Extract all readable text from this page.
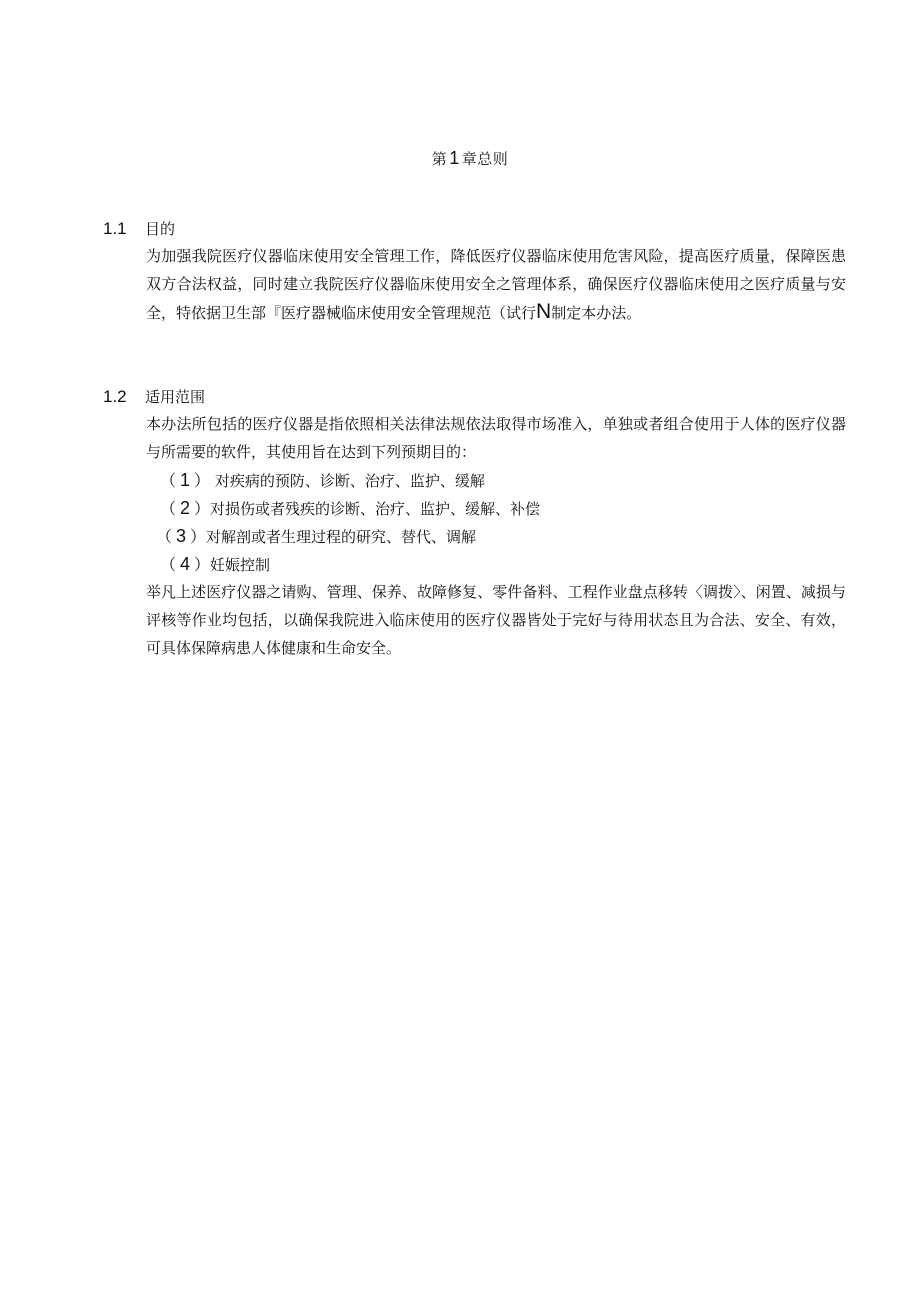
第 1 章总则
1.1	目的
为加强我院医疗仪器临床使用安全管理工作，降低医疗仪器临床使用危害风险，提高医疗质量，保障医患双方合法权益，同时建立我院医疗仪器临床使用安全之管理体系，确保医疗仪器临床使用之医疗质量与安全，特依据卫生部『医疗器械临床使用安全管理规范（试行N制定本办法。
1.2	适用范围
本办法所包括的医疗仪器是指依照相关法律法规依法取得市场准入，单独或者组合使用于人体的医疗仪器与所需要的软件，其使用旨在达到下列预期目的：
（ 1 ） 对疾病的预防、诊断、治疗、监护、缓解
（ 2 ）对损伤或者残疾的诊断、治疗、监护、缓解、补偿
（ 3 ）对解剖或者生理过程的研究、替代、调解
（ 4 ）妊娠控制
举凡上述医疗仪器之请购、管理、保养、故障修复、零件备料、工程作业盘点移转〈调拨〉、闲置、减损与评核等作业均包括，以确保我院进入临床使用的医疗仪器皆处于完好与待用状态且为合法、安全、有效，可具体保障病患人体健康和生命安全。
